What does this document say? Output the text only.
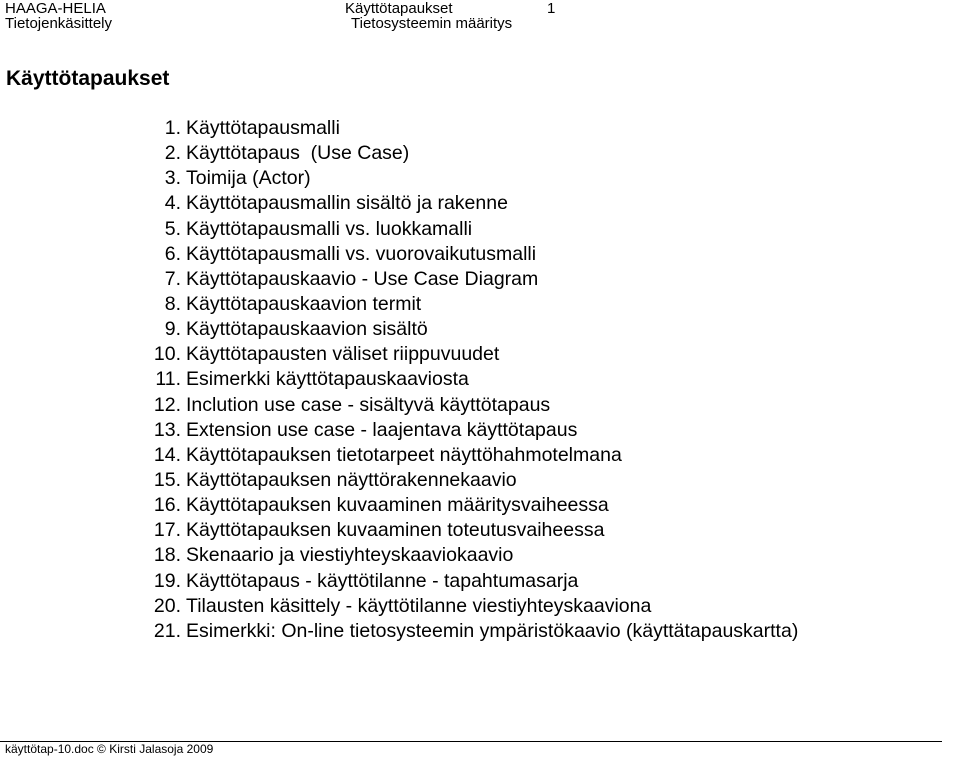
HAAGA-HELIA
Tietojenkäsittely
Käyttötapaukset
Tietosysteemin määritys
1
Käyttötapaukset
1. Käyttötapausmalli
2. Käyttötapaus  (Use Case)
3. Toimija (Actor)
4. Käyttötapausmallin sisältö ja rakenne
5. Käyttötapausmalli vs. luokkamalli
6. Käyttötapausmalli vs. vuorovaikutusmalli
7. Käyttötapauskaavio - Use Case Diagram
8. Käyttötapauskaavion termit
9. Käyttötapauskaavion sisältö
10. Käyttötapausten väliset riippuvuudet
11. Esimerkki käyttötapauskaaviosta
12. Inclution use case - sisältyvä käyttötapaus
13. Extension use case - laajentava käyttötapaus
14. Käyttötapauksen tietotarpeet näyttöhahmotelmana
15. Käyttötapauksen näyttörakennekaavio
16. Käyttötapauksen kuvaaminen määritysvaiheessa
17. Käyttötapauksen kuvaaminen toteutusvaiheessa
18. Skenaario ja viestiyhteyskaaviokaavio
19. Käyttötapaus - käyttötilanne - tapahtumasarja
20. Tilausten käsittely - käyttötilanne viestiyhteyskaaviona
21. Esimerkki: On-line tietosysteemin ympäristökaavio (käyttätapauskartta)
käyttötap-10.doc © Kirsti Jalasoja 2009
